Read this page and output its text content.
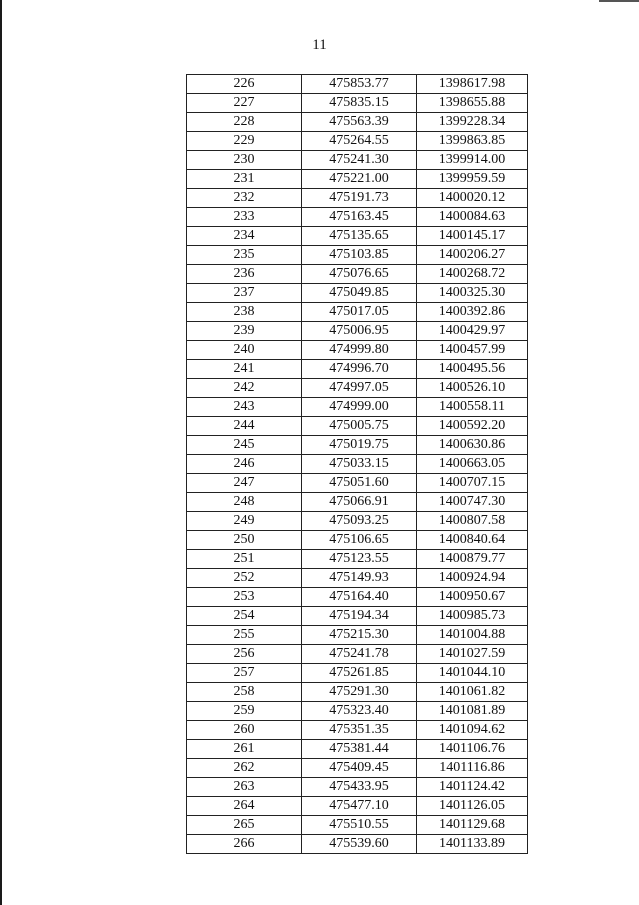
11
226	475853.77	1398617.98
227	475835.15	1398655.88
228	475563.39	1399228.34
229	475264.55	1399863.85
230	475241.30	1399914.00
231	475221.00	1399959.59
232	475191.73	1400020.12
233	475163.45	1400084.63
234	475135.65	1400145.17
235	475103.85	1400206.27
236	475076.65	1400268.72
237	475049.85	1400325.30
238	475017.05	1400392.86
239	475006.95	1400429.97
240	474999.80	1400457.99
241	474996.70	1400495.56
242	474997.05	1400526.10
243	474999.00	1400558.11
244	475005.75	1400592.20
245	475019.75	1400630.86
246	475033.15	1400663.05
247	475051.60	1400707.15
248	475066.91	1400747.30
249	475093.25	1400807.58
250	475106.65	1400840.64
251	475123.55	1400879.77
252	475149.93	1400924.94
253	475164.40	1400950.67
254	475194.34	1400985.73
255	475215.30	1401004.88
256	475241.78	1401027.59
257	475261.85	1401044.10
258	475291.30	1401061.82
259	475323.40	1401081.89
260	475351.35	1401094.62
261	475381.44	1401106.76
262	475409.45	1401116.86
263	475433.95	1401124.42
264	475477.10	1401126.05
265	475510.55	1401129.68
266	475539.60	1401133.89
